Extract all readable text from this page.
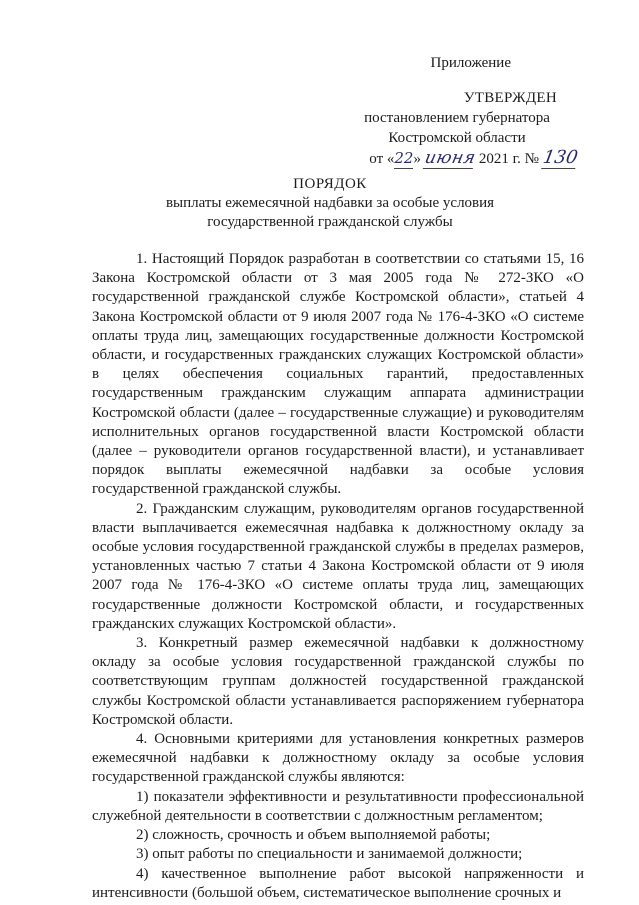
Приложение
УТВЕРЖДЕН
постановлением губернатора
Костромской области
от «22» июня 2021 г. № 130
ПОРЯДОК
выплаты ежемесячной надбавки за особые условия
государственной гражданской службы

1. Настоящий Порядок разработан в соответствии со статьями 15, 16 Закона Костромской области от 3 мая 2005 года № 272-ЗКО «О государственной гражданской службе Костромской области», статьей 4 Закона Костромской области от 9 июля 2007 года № 176-4-ЗКО «О системе оплаты труда лиц, замещающих государственные должности Костромской области, и государственных гражданских служащих Костромской области» в целях обеспечения социальных гарантий, предоставленных государственным гражданским служащим аппарата администрации Костромской области (далее – государственные служащие) и руководителям исполнительных органов государственной власти Костромской области (далее – руководители органов государственной власти), и устанавливает порядок выплаты ежемесячной надбавки за особые условия государственной гражданской службы.

2. Гражданским служащим, руководителям органов государственной власти выплачивается ежемесячная надбавка к должностному окладу за особые условия государственной гражданской службы в пределах размеров, установленных частью 7 статьи 4 Закона Костромской области от 9 июля 2007 года № 176-4-ЗКО «О системе оплаты труда лиц, замещающих государственные должности Костромской области, и государственных гражданских служащих Костромской области».

3. Конкретный размер ежемесячной надбавки к должностному окладу за особые условия государственной гражданской службы по соответствующим группам должностей государственной гражданской службы Костромской области устанавливается распоряжением губернатора Костромской области.

4. Основными критериями для установления конкретных размеров ежемесячной надбавки к должностному окладу за особые условия государственной гражданской службы являются:

1) показатели эффективности и результативности профессиональной служебной деятельности в соответствии с должностным регламентом;

2) сложность, срочность и объем выполняемой работы;

3) опыт работы по специальности и занимаемой должности;

4) качественное выполнение работ высокой напряженности и интенсивности (большой объем, систематическое выполнение срочных и
